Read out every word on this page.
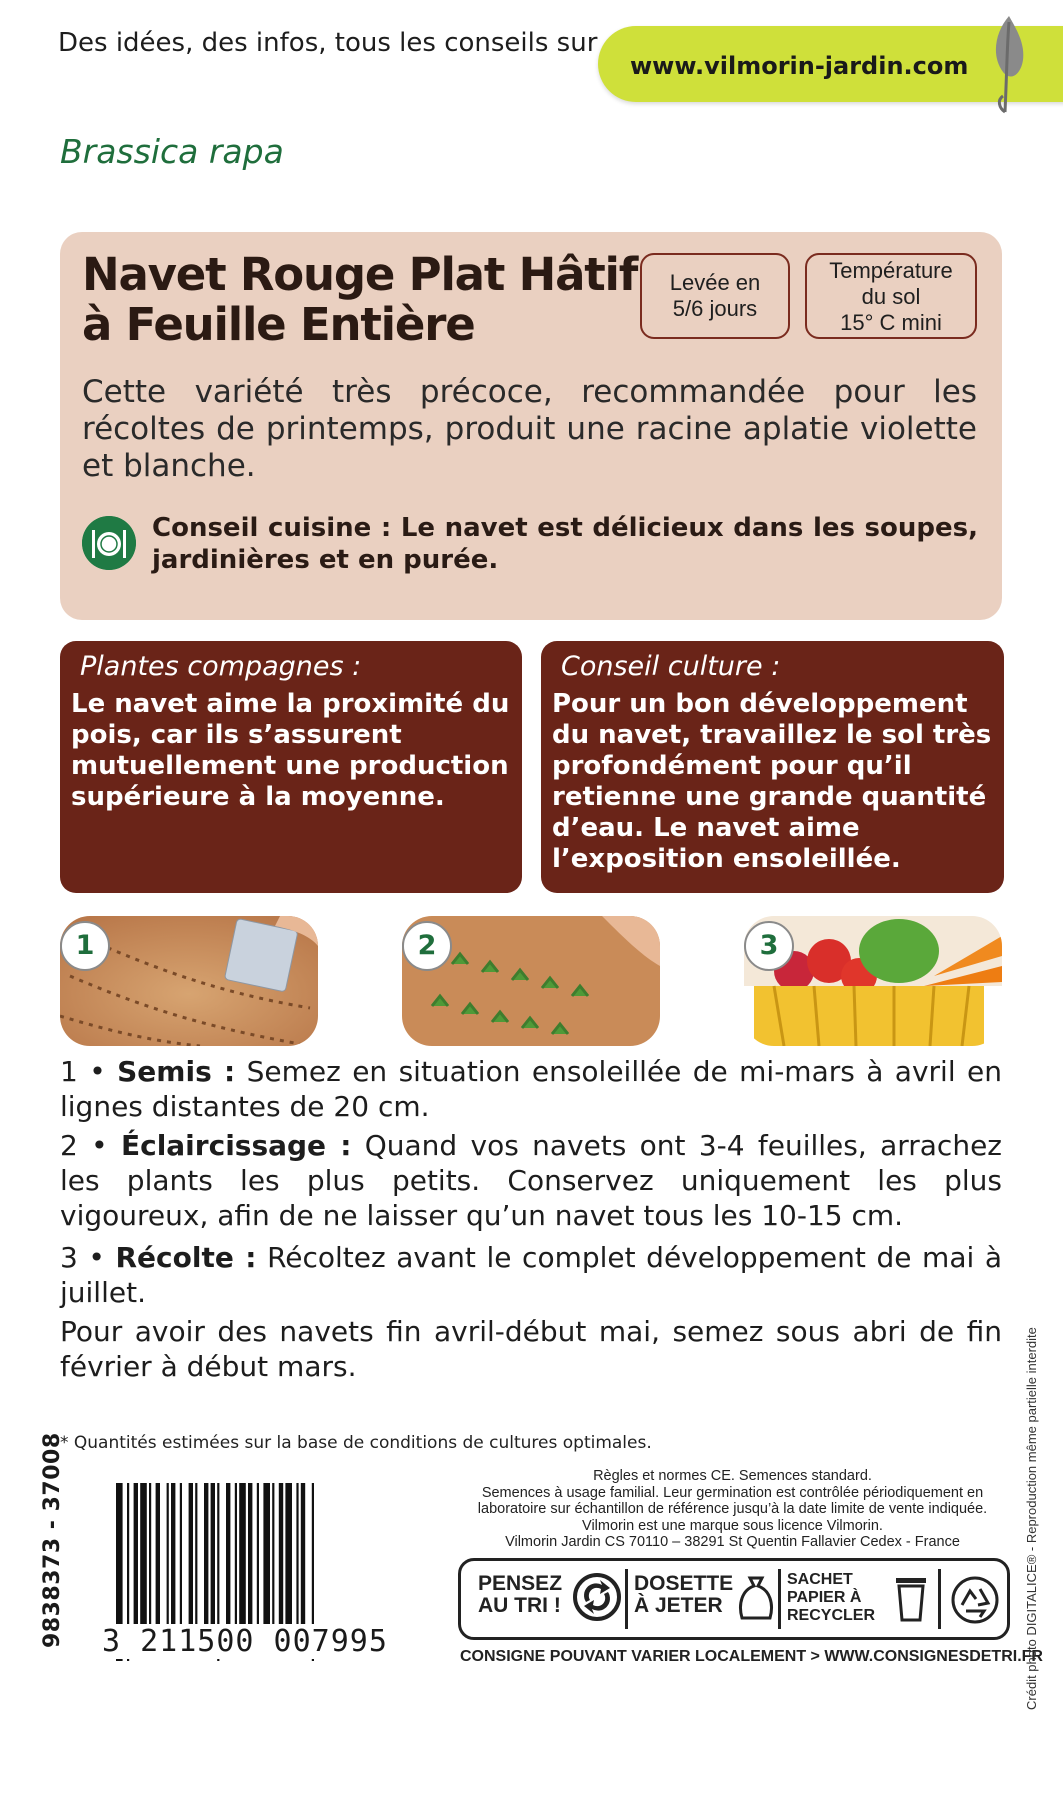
Des idées, des infos, tous les conseils sur
www.vilmorin-jardin.com
Brassica rapa
Navet Rouge Plat Hâtif à Feuille Entière
Levée en
5/6 jours
Température
du sol
15° C mini
Cette variété très précoce, recommandée pour les récoltes de printemps, produit une racine aplatie violette et blanche.
Conseil cuisine : Le navet est délicieux dans les soupes, jardinières et en purée.
Plantes compagnes :
Le navet aime la proximité du pois, car ils s’assurent mutuellement une production supérieure à la moyenne.
Conseil culture :
Pour un bon développement du navet, travaillez le sol très profondément pour qu’il retienne une grande quantité d’eau. Le navet aime l’exposition ensoleillée.
1	2	3
1 • Semis : Semez en situation ensoleillée de mi-mars à avril en lignes distantes de 20 cm.
2 • Éclaircissage : Quand vos navets ont 3-4 feuilles, arrachez les plants les plus petits. Conservez uniquement les plus vigoureux, afin de ne laisser qu’un navet tous les 10-15 cm.
3 • Récolte : Récoltez avant le complet développement de mai à juillet.
Pour avoir des navets fin avril-début mai, semez sous abri de fin février à début mars.
* Quantités estimées sur la base de conditions de cultures optimales.
9838373 - 37008 3 211500 007995
Règles et normes CE. Semences standard.
Semences à usage familial. Leur germination est contrôlée périodiquement en laboratoire sur échantillon de référence jusqu’à la date limite de vente indiquée.
Vilmorin est une marque sous licence Vilmorin.
Vilmorin Jardin CS 70110 – 38291 St Quentin Fallavier Cedex - France
PENSEZ AU TRI !
DOSETTE À JETER
SACHET PAPIER À RECYCLER
CONSIGNE POUVANT VARIER LOCALEMENT > WWW.CONSIGNESDETRI.FR
Crédit photo DIGITALICE® - Reproduction même partielle interdite
